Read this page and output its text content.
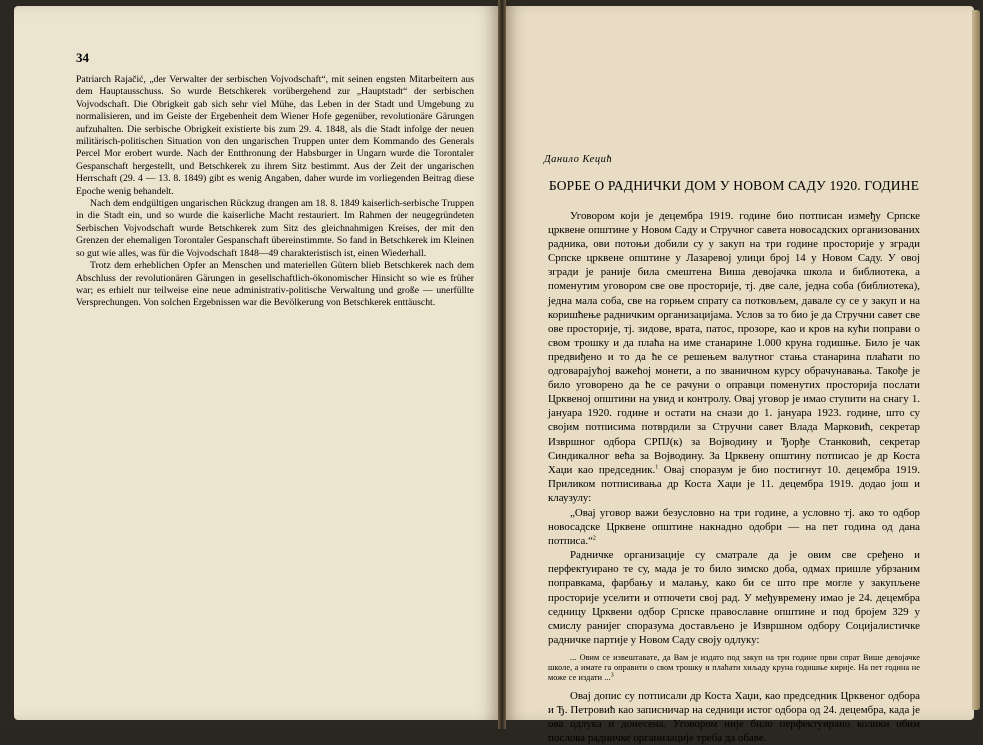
34

Patriarch Rajačić, „der Verwalter der serbischen Vojvodschaft“, mit seinen engsten Mitarbeitern aus dem Hauptausschuss. So wurde Betschkerek vorübergehend zur „Hauptstadt“ der serbischen Vojvodschaft. Die Obrigkeit gab sich sehr viel Mühe, das Leben in der Stadt und Umgebung zu normalisieren, und im Geiste der Ergebenheit dem Wiener Hofe gegenüber, revolutionäre Gärungen aufzuhalten. Die serbische Obrigkeit existierte bis zum 29. 4. 1848, als die Stadt infolge der neuen militärisch-politischen Situation von den ungarischen Truppen unter dem Kommando des Generals Percel Mor erobert wurde. Nach der Entthronung der Habsburger in Ungarn wurde die Torontaler Gespanschaft hergestellt, und Betschkerek zu ihrem Sitz bestimmt. Aus der Zeit der ungarischen Herrschaft (29. 4 — 13. 8. 1849) gibt es wenig Angaben, daher wurde im vorliegenden Beitrag diese Epoche wenig behandelt.

Nach dem endgültigen ungarischen Rückzug drangen am 18. 8. 1849 kaiserlich-serbische Truppen in die Stadt ein, und so wurde die kaiserliche Macht restauriert. Im Rahmen der neugegründeten Serbischen Vojvodschaft wurde Betschkerek zum Sitz des gleichnahmigen Kreises, der mit den Grenzen der ehemaligen Torontaler Gespanschaft übereinstimmte. So fand in Betschkerek im Kleinen so gut wie alles, was für die Vojvodschaft 1848—49 charakteristisch ist, einen Wiederhall.

Trotz dem erheblichen Opfer an Menschen und materiellen Gütern blieb Betschkerek nach dem Abschluss der revolutionären Gärungen in gesellschaftlich-ökonomischer Hinsicht so wie es früher war; es erhielt nur teilweise eine neue administrativ-politische Verwaltung und große — unerfüllte Versprechungen. Von solchen Ergebnissen war die Bevölkerung von Betschkerek enttäuscht.

Данило Кецић
БОРБЕ О РАДНИЧКИ ДОМ У НОВОМ САДУ 1920. ГОДИНЕ

Уговором који је децембра 1919. године био потписан између Српске црквене општине у Новом Саду и Стручног савета новосадских организованих радника, ови потоњи добили су у закуп на три године просторије у згради Српске црквене општине у Лазаревој улици број 14 у Новом Саду. У овој згради је раније била смештена Виша девојачка школа и библиотека, а поменутим уговором све ове просторије, тј. две сале, једна соба (библиотека), једна мала соба, све на горњем спрату са потковљем, давале су се у закуп и на коришћење радничким организацијама. Услов за то био је да Стручни савет све ове просторије, тј. зидове, врата, патос, прозоре, као и кров на кући поправи о свом трошку и да плаћа на име станарине 1.000 круна годишње. Било је чак предвиђено и то да ће се решењем валутног стања станарина плаћати по одговарајућој важећој монети, а по званичном курсу обрачунавања. Такође је било уговорено да ће се рачуни о оправци поменутих просторија послати Црквеној општини на увид и контролу. Овај уговор је имао ступити на снагу 1. јануара 1920. године и остати на снази до 1. јануара 1923. године, што су својим потписима потврдили за Стручни савет Влада Марковић, секретар Извршног одбора СРПЈ(к) за Војводину и Ђорђе Станковић, секретар Синдикалног већа за Војводину. За Црквену општину потписао је др Коста Хаџи као председник.$^1$ Овај споразум је био постигнут 10. децембра 1919. Приликом потписивања др Коста Хаџи је 11. децембра 1919. додао још и клаузулу:

„Овај уговор важи безусловно на три године, а условно тј. ако то одбор новосадске Црквене општине накнадно одобри — на пет година од дана потписа.“$^2$

Радничке организације су сматрале да је овим све сређено и перфектуирано те су, мада је то било зимско доба, одмах пришле убрзаним поправкама, фарбању и малању, како би се што пре могле у закупљене просторије уселити и отпочети свој рад. У међувремену имао је 24. децембра седницу Црквени одбор Српске православне општине и под бројем 329 у смислу ранијег споразума достављено је Извршном одбору Социјалистичке радничке партије у Новом Саду своју одлуку:

... Овим се извештавате, да Вам је издато под закуп на три године први спрат Више девојачке школе, а имате га оправити о свом трошку и плаћати хиљаду круна годишње кирије. На пет година не може се издати ...$^3$

Овај допис су потписали др Коста Хаџи, као председник Црквеног одбора и Ђ. Петровић као записничар на седници истог одбора од 24. децембра, када је ова одлука и донесена. Уговором није било перфектуирано колики обим послова радничке организације треба да обаве.
